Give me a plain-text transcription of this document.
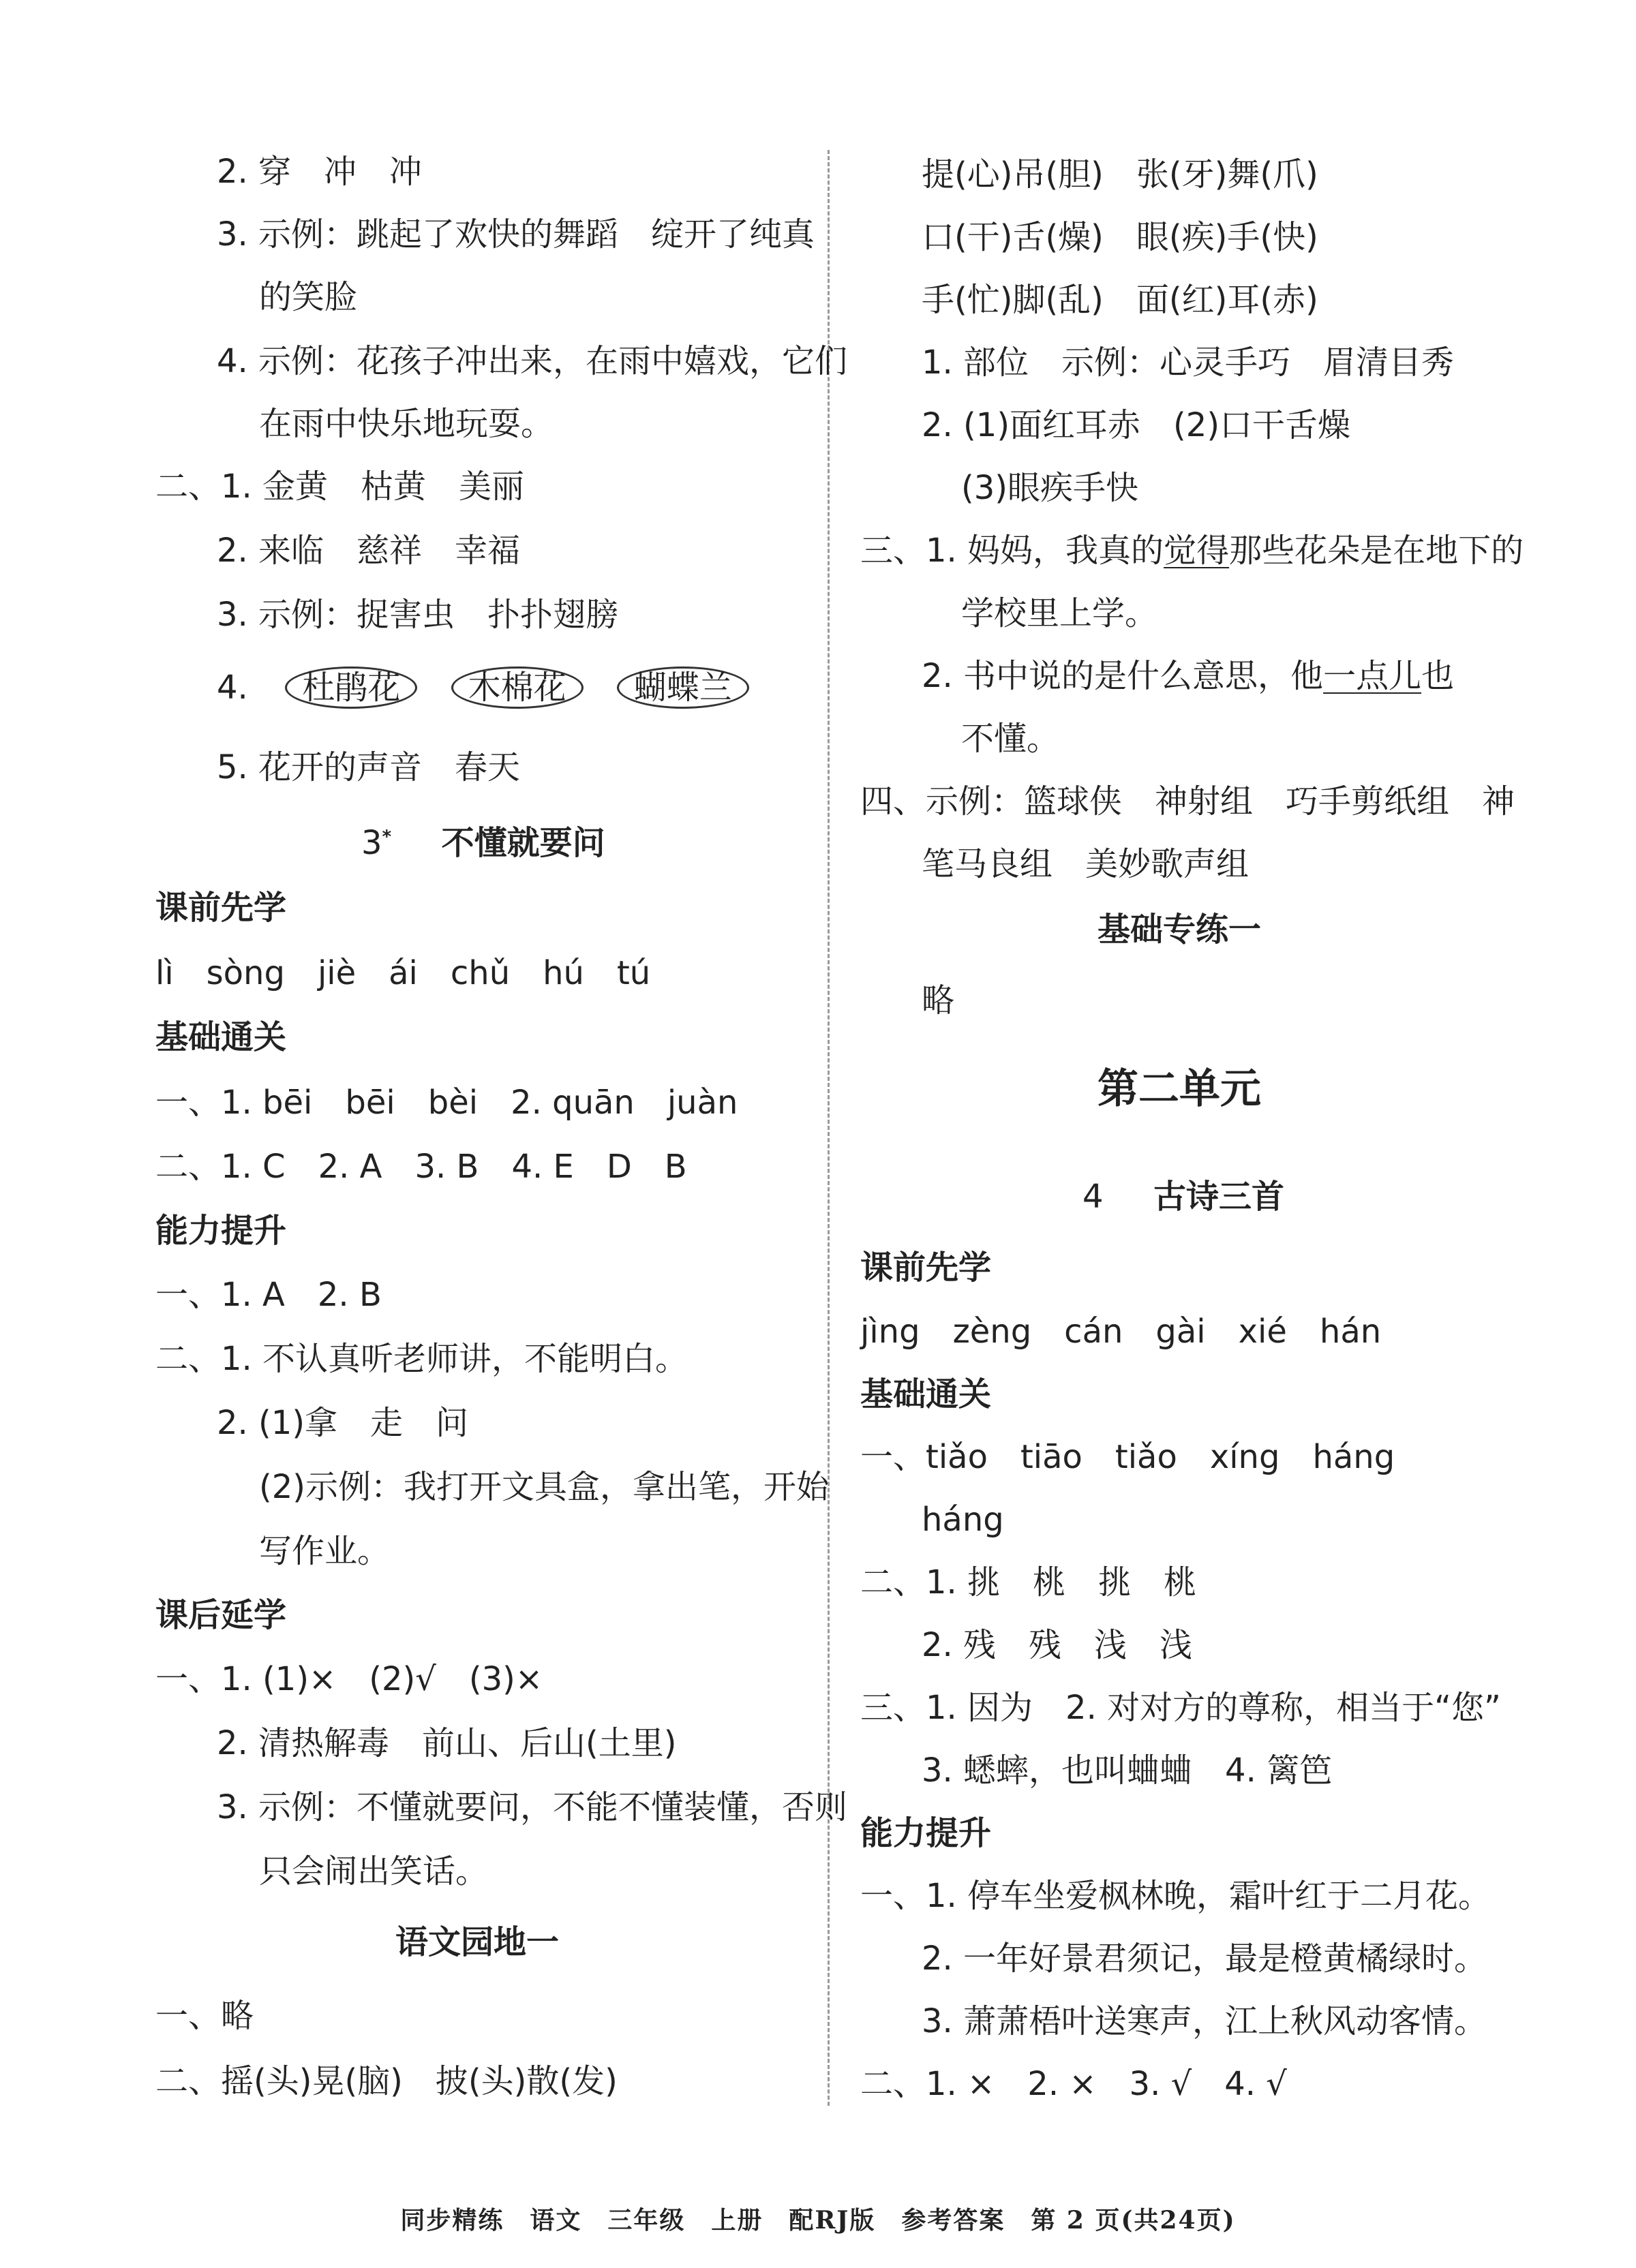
2. 穿　冲　冲
3. 示例：跳起了欢快的舞蹈　绽开了纯真
的笑脸
4. 示例：花孩子冲出来，在雨中嬉戏，它们
在雨中快乐地玩耍。
二、1. 金黄　枯黄　美丽
2. 来临　慈祥　幸福
3. 示例：捉害虫　扑扑翅膀
4. 杜鹃花 木棉花 蝴蝶兰
5. 花开的声音　春天
3* 不懂就要问
课前先学
lì　sòng　jiè　ái　chǔ　hú　tú
基础通关
一、1. bēi　bēi　bèi　2. quān　juàn
二、1. C　2. A　3. B　4. E　D　B
能力提升
一、1. A　2. B
二、1. 不认真听老师讲，不能明白。
2. (1)拿　走　问
(2)示例：我打开文具盒，拿出笔，开始
写作业。
课后延学
一、1. (1)×　(2)√　(3)×
2. 清热解毒　前山、后山(土里)
3. 示例：不懂就要问，不能不懂装懂，否则
只会闹出笑话。
语文园地一
一、略
二、摇(头)晃(脑)　披(头)散(发)
提(心)吊(胆)　张(牙)舞(爪)
口(干)舌(燥)　眼(疾)手(快)
手(忙)脚(乱)　面(红)耳(赤)
1. 部位　示例：心灵手巧　眉清目秀
2. (1)面红耳赤　(2)口干舌燥
(3)眼疾手快
三、1. 妈妈，我真的觉得那些花朵是在地下的
学校里上学。
2. 书中说的是什么意思，他一点儿也
不懂。
四、示例：篮球侠　神射组　巧手剪纸组　神
笔马良组　美妙歌声组
基础专练一
略
第二单元
4 古诗三首
课前先学
jìng　zèng　cán　gài　xié　hán
基础通关
一、tiǎo　tiāo　tiǎo　xíng　háng
háng
二、1. 挑　桃　挑　桃
2. 残　残　浅　浅
三、1. 因为　2. 对对方的尊称，相当于“您”
3. 蟋蟀，也叫蛐蛐　4. 篱笆
能力提升
一、1. 停车坐爱枫林晚，霜叶红于二月花。
2. 一年好景君须记，最是橙黄橘绿时。
3. 萧萧梧叶送寒声，江上秋风动客情。
二、1. ×　2. ×　3. √　4. √
同步精练　语文　三年级　上册　配RJ版　参考答案　第 2 页(共24页)
